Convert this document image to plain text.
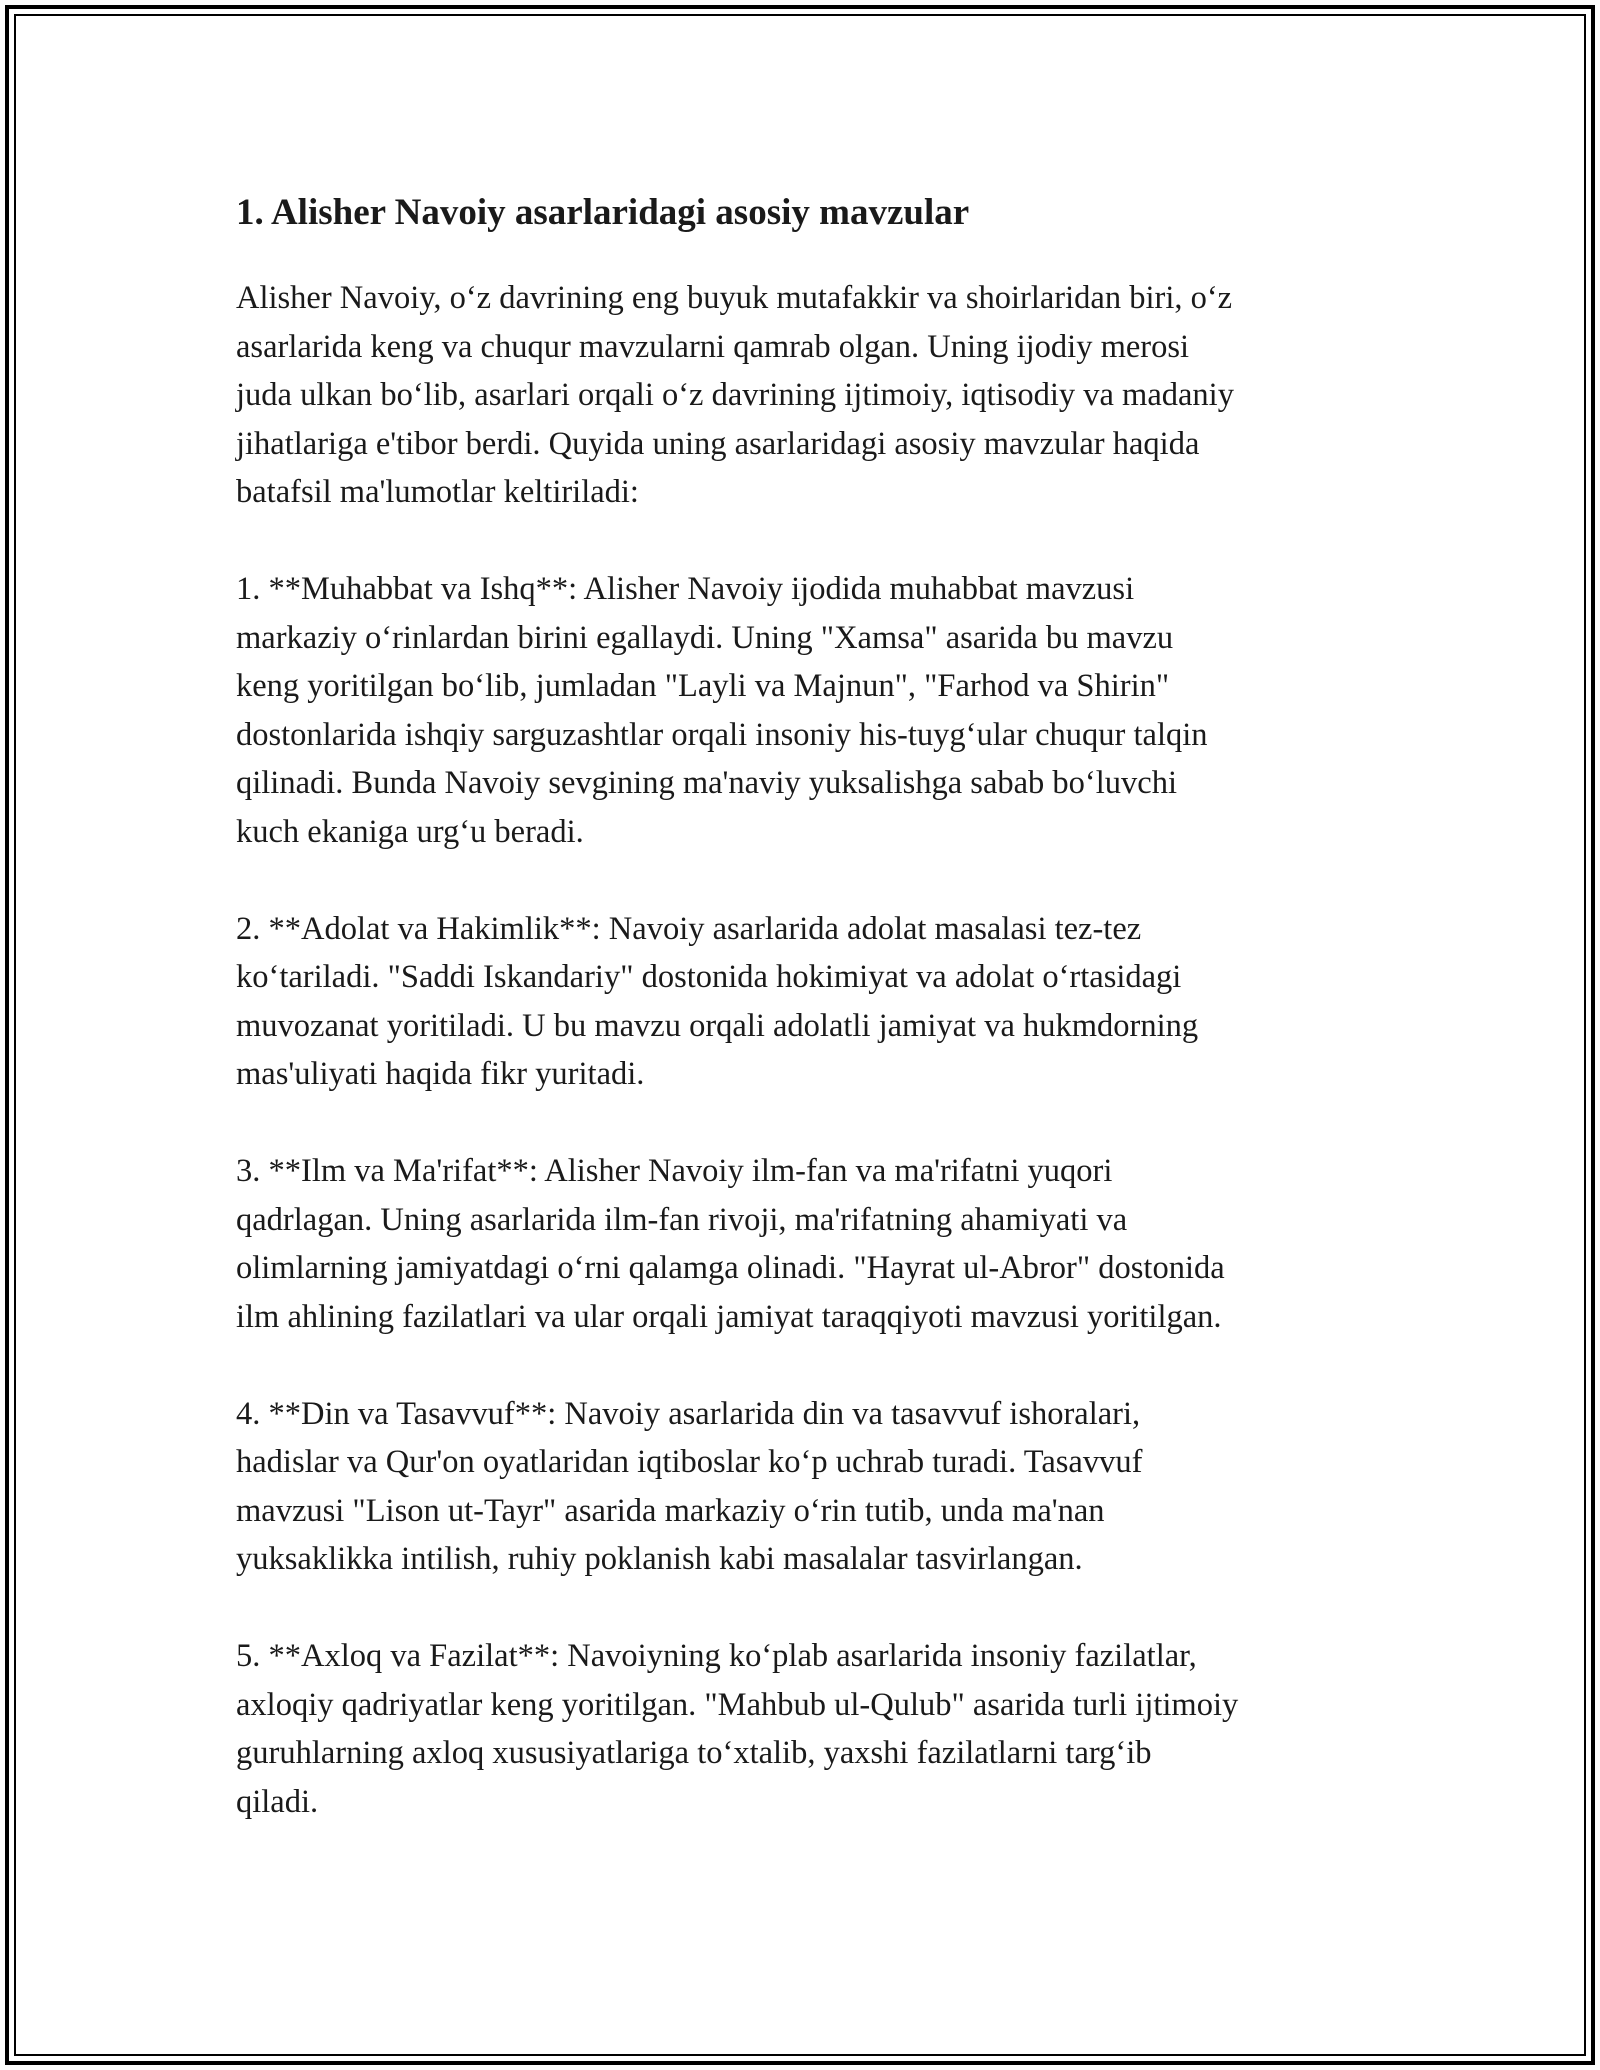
1. Alisher Navoiy asarlaridagi asosiy mavzular

Alisher Navoiy, o‘z davrining eng buyuk mutafakkir va shoirlaridan biri, o‘z
asarlarida keng va chuqur mavzularni qamrab olgan. Uning ijodiy merosi
juda ulkan bo‘lib, asarlari orqali o‘z davrining ijtimoiy, iqtisodiy va madaniy
jihatlariga e'tibor berdi. Quyida uning asarlaridagi asosiy mavzular haqida
batafsil ma'lumotlar keltiriladi:

1. **Muhabbat va Ishq**: Alisher Navoiy ijodida muhabbat mavzusi
markaziy o‘rinlardan birini egallaydi. Uning "Xamsa" asarida bu mavzu
keng yoritilgan bo‘lib, jumladan "Layli va Majnun", "Farhod va Shirin"
dostonlarida ishqiy sarguzashtlar orqali insoniy his-tuyg‘ular chuqur talqin
qilinadi. Bunda Navoiy sevgining ma'naviy yuksalishga sabab bo‘luvchi
kuch ekaniga urg‘u beradi.

2. **Adolat va Hakimlik**: Navoiy asarlarida adolat masalasi tez-tez
ko‘tariladi. "Saddi Iskandariy" dostonida hokimiyat va adolat o‘rtasidagi
muvozanat yoritiladi. U bu mavzu orqali adolatli jamiyat va hukmdorning
mas'uliyati haqida fikr yuritadi.

3. **Ilm va Ma'rifat**: Alisher Navoiy ilm-fan va ma'rifatni yuqori
qadrlagan. Uning asarlarida ilm-fan rivoji, ma'rifatning ahamiyati va
olimlarning jamiyatdagi o‘rni qalamga olinadi. "Hayrat ul-Abror" dostonida
ilm ahlining fazilatlari va ular orqali jamiyat taraqqiyoti mavzusi yoritilgan.

4. **Din va Tasavvuf**: Navoiy asarlarida din va tasavvuf ishoralari,
hadislar va Qur'on oyatlaridan iqtiboslar ko‘p uchrab turadi. Tasavvuf
mavzusi "Lison ut-Tayr" asarida markaziy o‘rin tutib, unda ma'nan
yuksaklikka intilish, ruhiy poklanish kabi masalalar tasvirlangan.

5. **Axloq va Fazilat**: Navoiyning ko‘plab asarlarida insoniy fazilatlar,
axloqiy qadriyatlar keng yoritilgan. "Mahbub ul-Qulub" asarida turli ijtimoiy
guruhlarning axloq xususiyatlariga to‘xtalib, yaxshi fazilatlarni targ‘ib
qiladi.
